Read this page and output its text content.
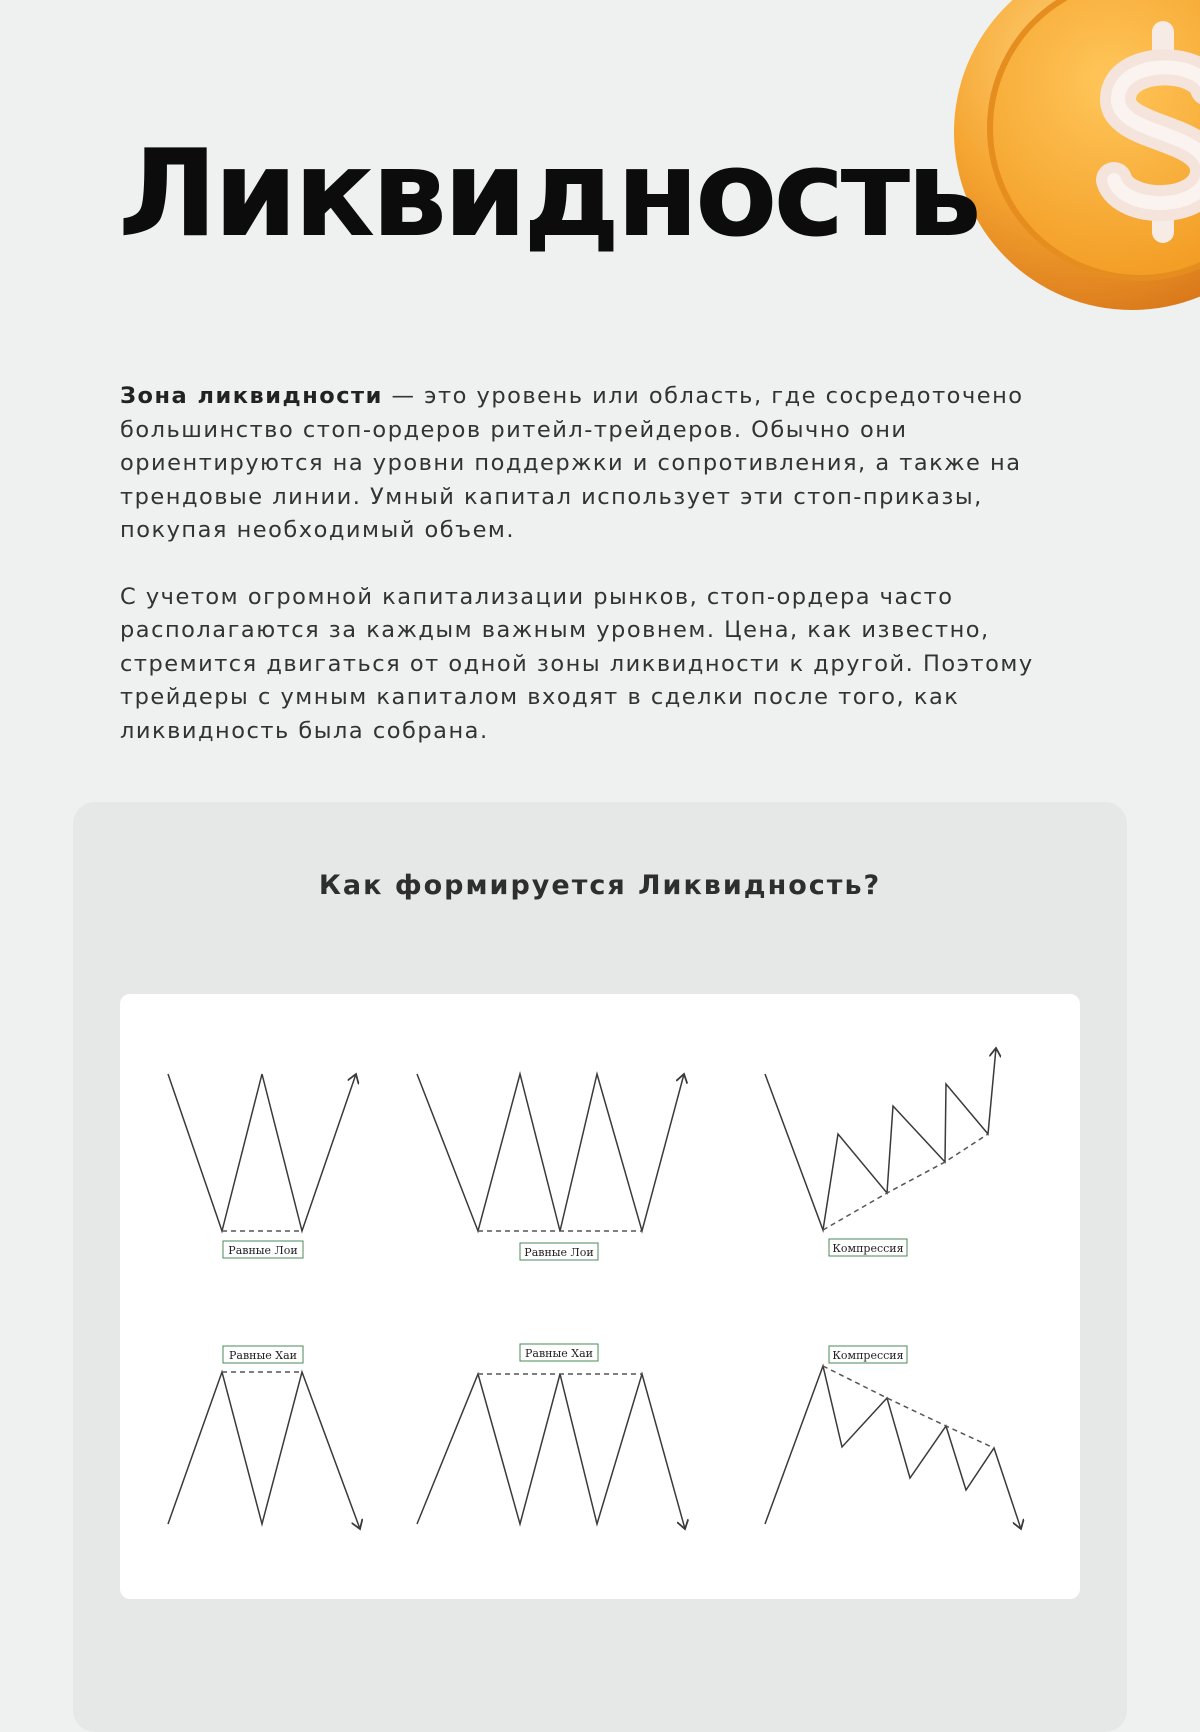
Ликвидность

Зона ликвидности — это уровень или область, где сосредоточено большинство стоп-ордеров ритейл-трейдеров. Обычно они ориентируются на уровни поддержки и сопротивления, а также на трендовые линии. Умный капитал использует эти стоп-приказы, покупая необходимый объем.

С учетом огромной капитализации рынков, стоп-ордера часто располагаются за каждым важным уровнем. Цена, как известно, стремится двигаться от одной зоны ликвидности к другой. Поэтому трейдеры с умным капиталом входят в сделки после того, как ликвидность была собрана.

Как формируется Ликвидность?
Равные Лои	Равные Лои	Компрессия
Равные Хаи	Равные Хаи	Компрессия
